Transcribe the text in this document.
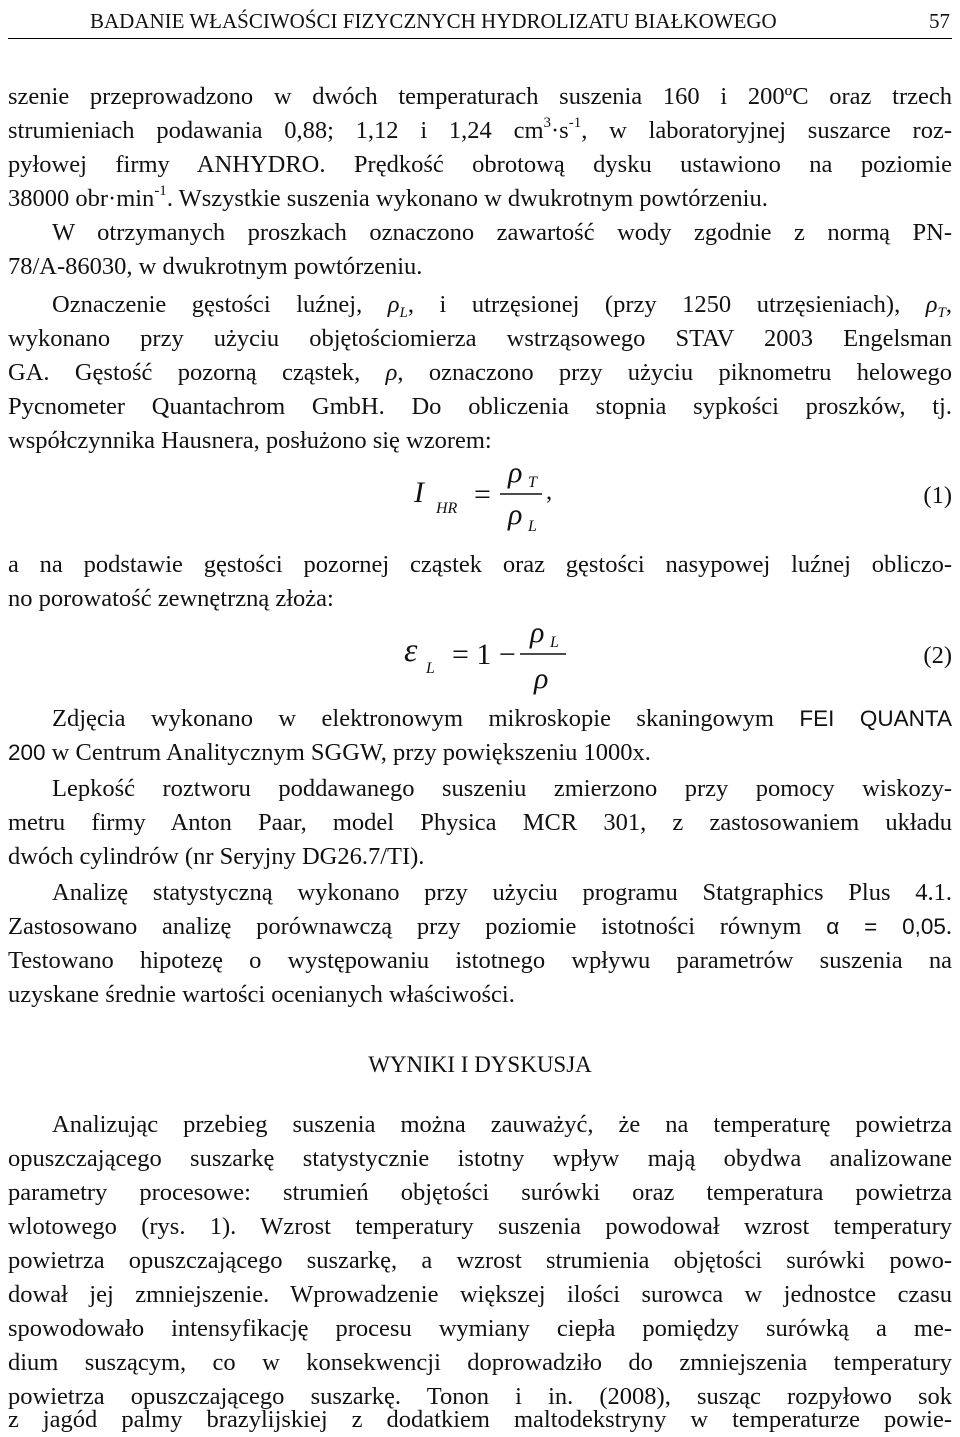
BADANIE WŁAŚCIWOŚCI FIZYCZNYCH HYDROLIZATU BIAŁKOWEGO	57
szenie przeprowadzono w dwóch temperaturach suszenia 160 i 200ºC oraz trzech
strumieniach podawania 0,88; 1,12 i 1,24 $cm^3\cdot s^{-1}$, w laboratoryjnej suszarce roz-
pyłowej firmy ANHYDRO. Prędkość obrotową dysku ustawiono na poziomie
38000 $obr\cdot\min^{-1}$. Wszystkie suszenia wykonano w dwukrotnym powtórzeniu.
W otrzymanych proszkach oznaczono zawartość wody zgodnie z normą PN-
78/A-86030, w dwukrotnym powtórzeniu.
Oznaczenie gęstości luźnej, $\rho_L$, i utrzęsionej (przy 1250 utrzęsieniach), $\rho_T$,
wykonano przy użyciu objętościomierza wstrząsowego STAV 2003 Engelsman
GA. Gęstość pozorną cząstek, ρ, oznaczono przy użyciu piknometru helowego
Pycnometer Quantachrom GmbH. Do obliczenia stopnia sypkości proszków, tj.
współczynnika Hausnera, posłużono się wzorem:
I HR =
ρ T
ρ L
,	(1)
a na podstawie gęstości pozornej cząstek oraz gęstości nasypowej luźnej obliczo-
no porowatość zewnętrzną złoża:
ε L = 1 −
ρ L
ρ
(2)
Zdjęcia wykonano w elektronowym mikroskopie skaningowym FEI QUANTA
200 w Centrum Analitycznym SGGW, przy powiększeniu 1000x.
Lepkość roztworu poddawanego suszeniu zmierzono przy pomocy wiskozy-
metru firmy Anton Paar, model Physica MCR 301, z zastosowaniem układu
dwóch cylindrów (nr Seryjny DG26.7/TI).
Analizę statystyczną wykonano przy użyciu programu Statgraphics Plus 4.1.
Zastosowano analizę porównawczą przy poziomie istotności równym α = 0,05.
Testowano hipotezę o występowaniu istotnego wpływu parametrów suszenia na
uzyskane średnie wartości ocenianych właściwości.
WYNIKI I DYSKUSJA
Analizując przebieg suszenia można zauważyć, że na temperaturę powietrza
opuszczającego suszarkę statystycznie istotny wpływ mają obydwa analizowane
parametry procesowe: strumień objętości surówki oraz temperatura powietrza
wlotowego (rys. 1). Wzrost temperatury suszenia powodował wzrost temperatury
powietrza opuszczającego suszarkę, a wzrost strumienia objętości surówki powo-
dował jej zmniejszenie. Wprowadzenie większej ilości surowca w jednostce czasu
spowodowało intensyfikację procesu wymiany ciepła pomiędzy surówką a me-
dium suszącym, co w konsekwencji doprowadziło do zmniejszenia temperatury
powietrza opuszczającego suszarkę. Tonon i in. (2008), susząc rozpyłowo sok
z jagód palmy brazylijskiej z dodatkiem maltodekstryny w temperaturze powie-
